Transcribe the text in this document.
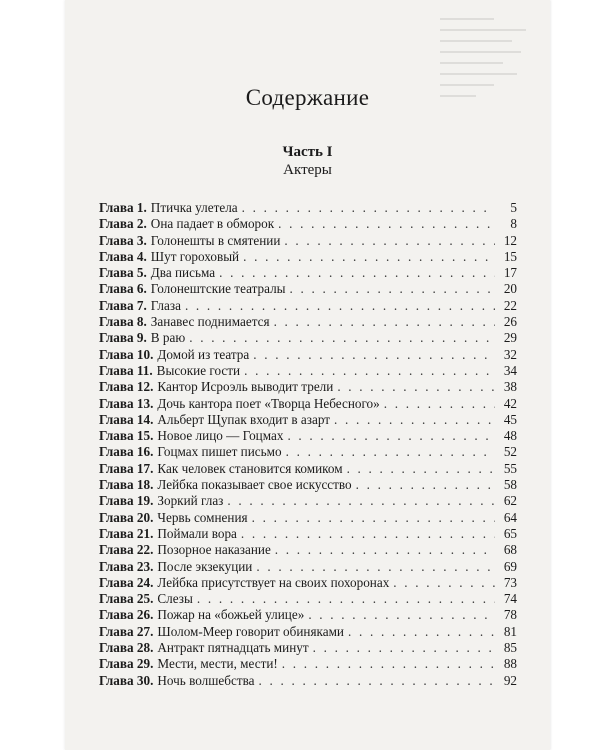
Содержание
Часть I
Актеры
Глава 1. Птичка улетела . . .	5
Глава 2. Она падает в обморок . . .	8
Глава 3. Голонешты в смятении . . .	12
Глава 4. Шут гороховый . . .	15
Глава 5. Два письма . . .	17
Глава 6. Голонештские театралы . . .	20
Глава 7. Глаза . . .	22
Глава 8. Занавес поднимается . . .	26
Глава 9. В раю . . .	29
Глава 10. Домой из театра . . .	32
Глава 11. Высокие гости . . .	34
Глава 12. Кантор Исроэль выводит трели . . .	38
Глава 13. Дочь кантора поет «Творца Небесного» . . .	42
Глава 14. Альберт Щупак входит в азарт . . .	45
Глава 15. Новое лицо — Гоцмах . . .	48
Глава 16. Гоцмах пишет письмо . . .	52
Глава 17. Как человек становится комиком . . .	55
Глава 18. Лейбка показывает свое искусство . . .	58
Глава 19. Зоркий глаз . . .	62
Глава 20. Червь сомнения . . .	64
Глава 21. Поймали вора . . .	65
Глава 22. Позорное наказание . . .	68
Глава 23. После экзекуции . . .	69
Глава 24. Лейбка присутствует на своих похоронах . . .	73
Глава 25. Слезы . . .	74
Глава 26. Пожар на «божьей улице» . . .	78
Глава 27. Шолом-Меер говорит обиняками . . .	81
Глава 28. Антракт пятнадцать минут . . .	85
Глава 29. Мести, мести, мести! . . .	88
Глава 30. Ночь волшебства . . .	92
